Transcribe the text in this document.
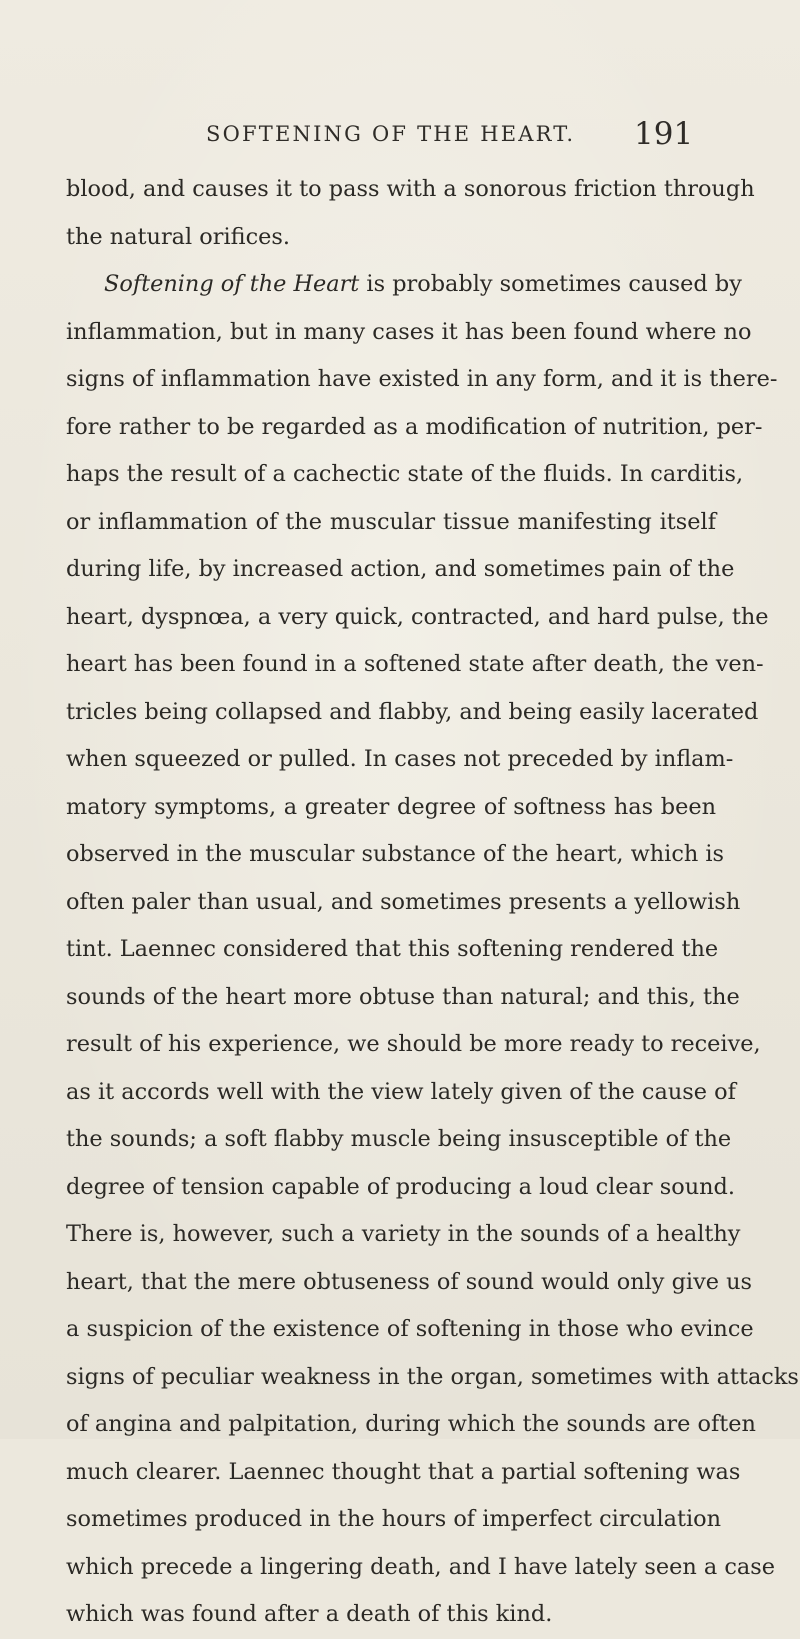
SOFTENING OF THE HEART. 191
blood, and causes it to pass with a sonorous friction through
the natural orifices.
Softening of the Heart is probably sometimes caused by
inflammation, but in many cases it has been found where no
signs of inflammation have existed in any form, and it is there-
fore rather to be regarded as a modification of nutrition, per-
haps the result of a cachectic state of the fluids. In carditis,
or inflammation of the muscular tissue manifesting itself
during life, by increased action, and sometimes pain of the
heart, dyspnœa, a very quick, contracted, and hard pulse, the
heart has been found in a softened state after death, the ven-
tricles being collapsed and flabby, and being easily lacerated
when squeezed or pulled. In cases not preceded by inflam-
matory symptoms, a greater degree of softness has been
observed in the muscular substance of the heart, which is
often paler than usual, and sometimes presents a yellowish
tint. Laennec considered that this softening rendered the
sounds of the heart more obtuse than natural; and this, the
result of his experience, we should be more ready to receive,
as it accords well with the view lately given of the cause of
the sounds; a soft flabby muscle being insusceptible of the
degree of tension capable of producing a loud clear sound.
There is, however, such a variety in the sounds of a healthy
heart, that the mere obtuseness of sound would only give us
a suspicion of the existence of softening in those who evince
signs of peculiar weakness in the organ, sometimes with attacks
of angina and palpitation, during which the sounds are often
much clearer. Laennec thought that a partial softening was
sometimes produced in the hours of imperfect circulation
which precede a lingering death, and I have lately seen a case
which was found after a death of this kind.
